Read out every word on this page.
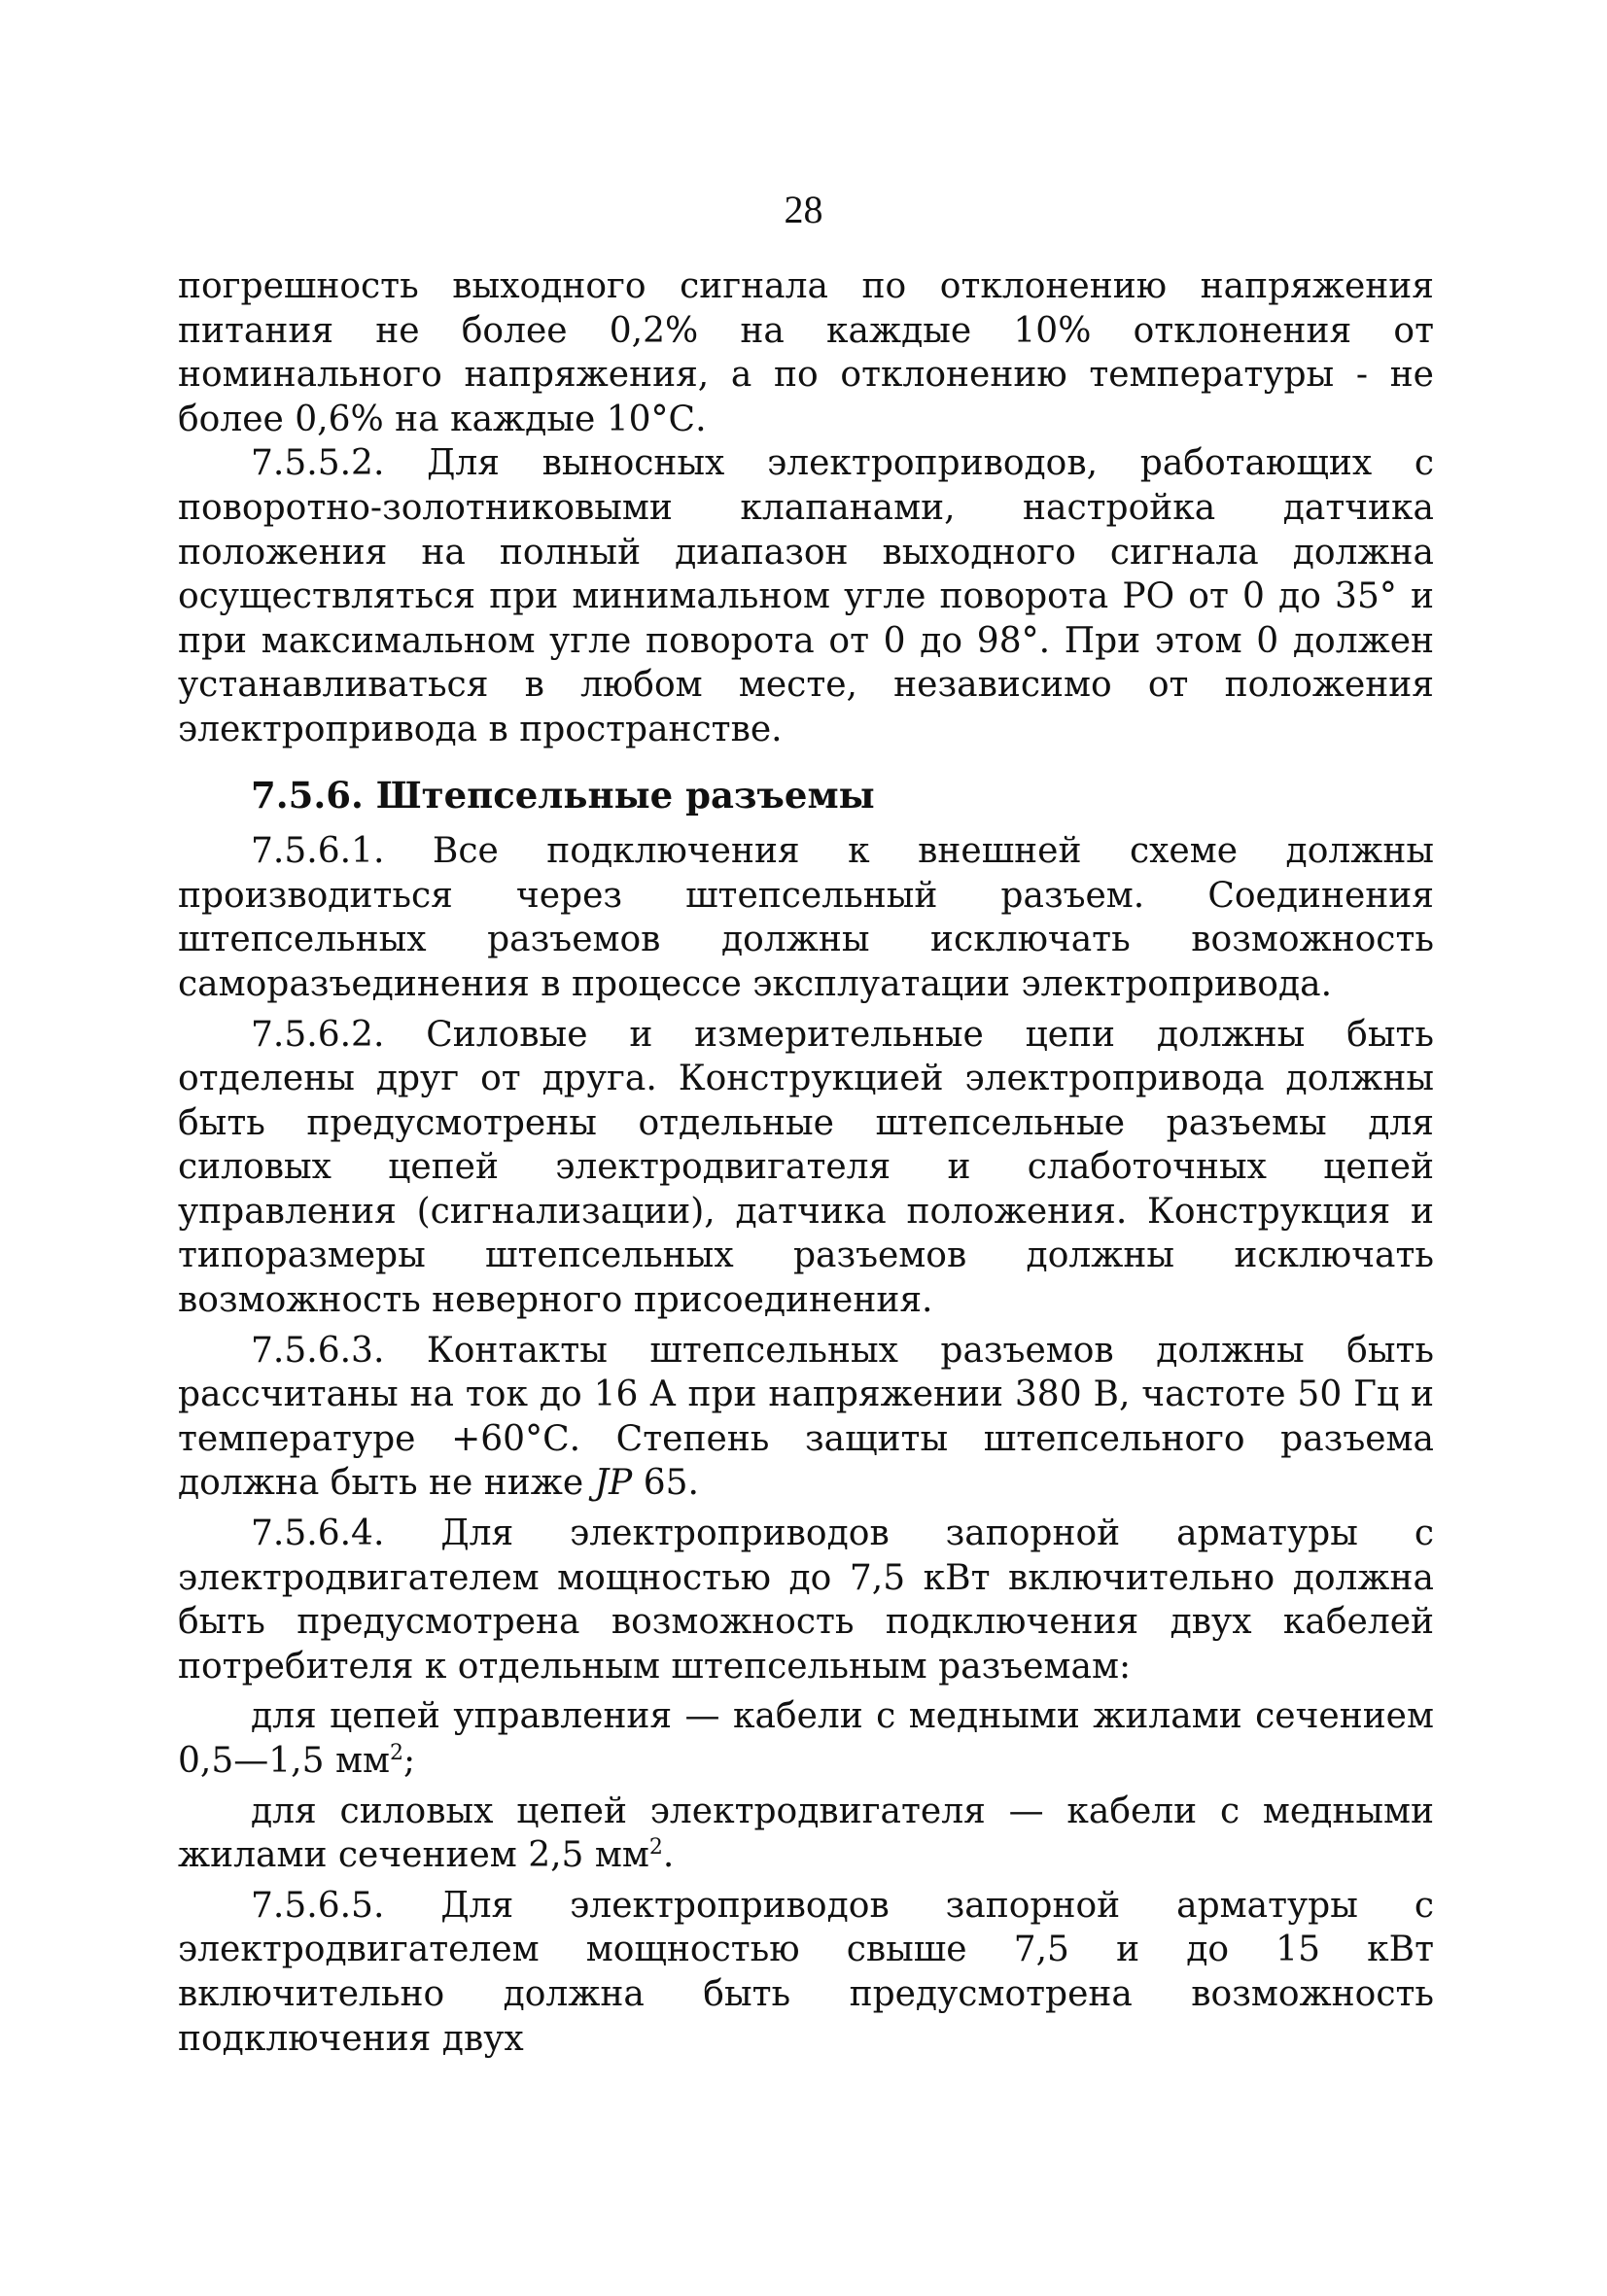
28

погрешность выходного сигнала по отклонению напряжения питания не более 0,2% на каждые 10% отклонения от номинального напряжения, а по отклонению температуры - не более 0,6% на каждые 10°С.

7.5.5.2. Для выносных электроприводов, работающих с поворотно-золотниковыми клапанами, настройка датчика положения на полный диапазон выходного сигнала должна осуществляться при минимальном угле поворота РО от 0 до 35° и при максимальном угле поворота от 0 до 98°. При этом 0 должен устанавливаться в любом месте, независимо от положения электропривода в пространстве.

7.5.6. Штепсельные разъемы

7.5.6.1. Все подключения к внешней схеме должны производиться через штепсельный разъем. Соединения штепсельных разъемов должны исключать возможность саморазъединения в процессе эксплуатации электропривода.

7.5.6.2. Силовые и измерительные цепи должны быть отделены друг от друга. Конструкцией электропривода должны быть предусмотрены отдельные штепсельные разъемы для силовых цепей электродвигателя и слаботочных цепей управления (сигнализации), датчика положения. Конструкция и типоразмеры штепсельных разъемов должны исключать возможность неверного присоединения.

7.5.6.3. Контакты штепсельных разъемов должны быть рассчитаны на ток до 16 А при напряжении 380 В, частоте 50 Гц и температуре +60°С. Степень защиты штепсельного разъема должна быть не ниже JP 65.

7.5.6.4. Для электроприводов запорной арматуры с электродвигателем мощностью до 7,5 кВт включительно должна быть предусмотрена возможность подключения двух кабелей потребителя к отдельным штепсельным разъемам:

для цепей управления — кабели с медными жилами сечением 0,5—1,5 $мм^2$;

для силовых цепей электродвигателя — кабели с медными жилами сечением 2,5 $мм^2$.

7.5.6.5. Для электроприводов запорной арматуры с электродвигателем мощностью свыше 7,5 и до 15 кВт включительно должна быть предусмотрена возможность подключения двух
